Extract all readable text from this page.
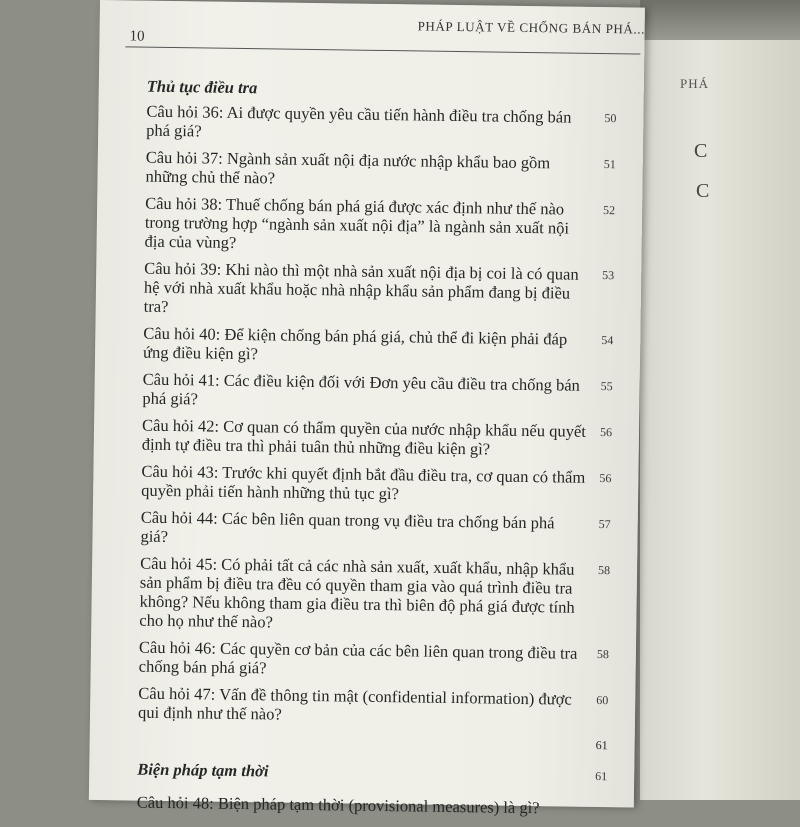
PHÁ
C
C
10	PHÁP LUẬT VỀ CHỐNG BÁN PHÁ...
Thủ tục điều tra
Câu hỏi 36: Ai được quyền yêu cầu tiến hành điều tra chống bán phá giá?
50
Câu hỏi 37: Ngành sản xuất nội địa nước nhập khẩu bao gồm những chủ thể nào?
51
Câu hỏi 38: Thuế chống bán phá giá được xác định như thế nào trong trường hợp “ngành sản xuất nội địa” là ngành sản xuất nội địa của vùng?
52
Câu hỏi 39: Khi nào thì một nhà sản xuất nội địa bị coi là có quan hệ với nhà xuất khẩu hoặc nhà nhập khẩu sản phẩm đang bị điều tra?
53
Câu hỏi 40: Để kiện chống bán phá giá, chủ thể đi kiện phải đáp ứng điều kiện gì?
54
Câu hỏi 41: Các điều kiện đối với Đơn yêu cầu điều tra chống bán phá giá?
55
Câu hỏi 42: Cơ quan có thẩm quyền của nước nhập khẩu nếu quyết định tự điều tra thì phải tuân thủ những điều kiện gì?
56
Câu hỏi 43: Trước khi quyết định bắt đầu điều tra, cơ quan có thẩm quyền phải tiến hành những thủ tục gì?
56
Câu hỏi 44: Các bên liên quan trong vụ điều tra chống bán phá giá?
57
Câu hỏi 45: Có phải tất cả các nhà sản xuất, xuất khẩu, nhập khẩu sản phẩm bị điều tra đều có quyền tham gia vào quá trình điều tra không? Nếu không tham gia điều tra thì biên độ phá giá được tính cho họ như thế nào?
58
Câu hỏi 46: Các quyền cơ bản của các bên liên quan trong điều tra chống bán phá giá?
58
Câu hỏi 47: Vấn đề thông tin mật (confidential information) được qui định như thế nào?
60
61
Biện pháp tạm thời	61
Câu hỏi 48: Biện pháp tạm thời (provisional measures) là gì?
